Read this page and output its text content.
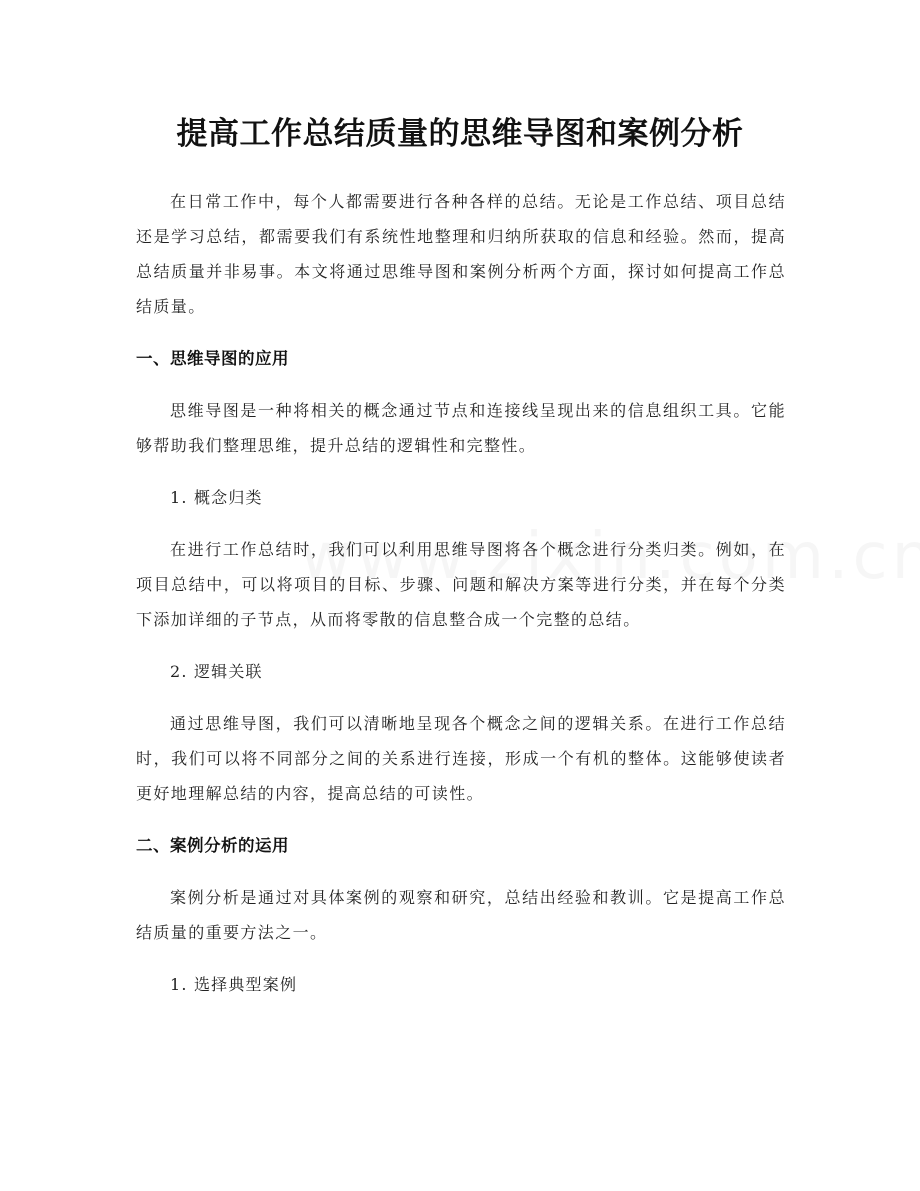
提高工作总结质量的思维导图和案例分析

在日常工作中，每个人都需要进行各种各样的总结。无论是工作总结、项目总结还是学习总结，都需要我们有系统性地整理和归纳所获取的信息和经验。然而，提高总结质量并非易事。本文将通过思维导图和案例分析两个方面，探讨如何提高工作总结质量。

一、思维导图的应用

思维导图是一种将相关的概念通过节点和连接线呈现出来的信息组织工具。它能够帮助我们整理思维，提升总结的逻辑性和完整性。

1. 概念归类

在进行工作总结时，我们可以利用思维导图将各个概念进行分类归类。例如，在项目总结中，可以将项目的目标、步骤、问题和解决方案等进行分类，并在每个分类下添加详细的子节点，从而将零散的信息整合成一个完整的总结。

2. 逻辑关联

通过思维导图，我们可以清晰地呈现各个概念之间的逻辑关系。在进行工作总结时，我们可以将不同部分之间的关系进行连接，形成一个有机的整体。这能够使读者更好地理解总结的内容，提高总结的可读性。

二、案例分析的运用

案例分析是通过对具体案例的观察和研究，总结出经验和教训。它是提高工作总结质量的重要方法之一。

1. 选择典型案例
